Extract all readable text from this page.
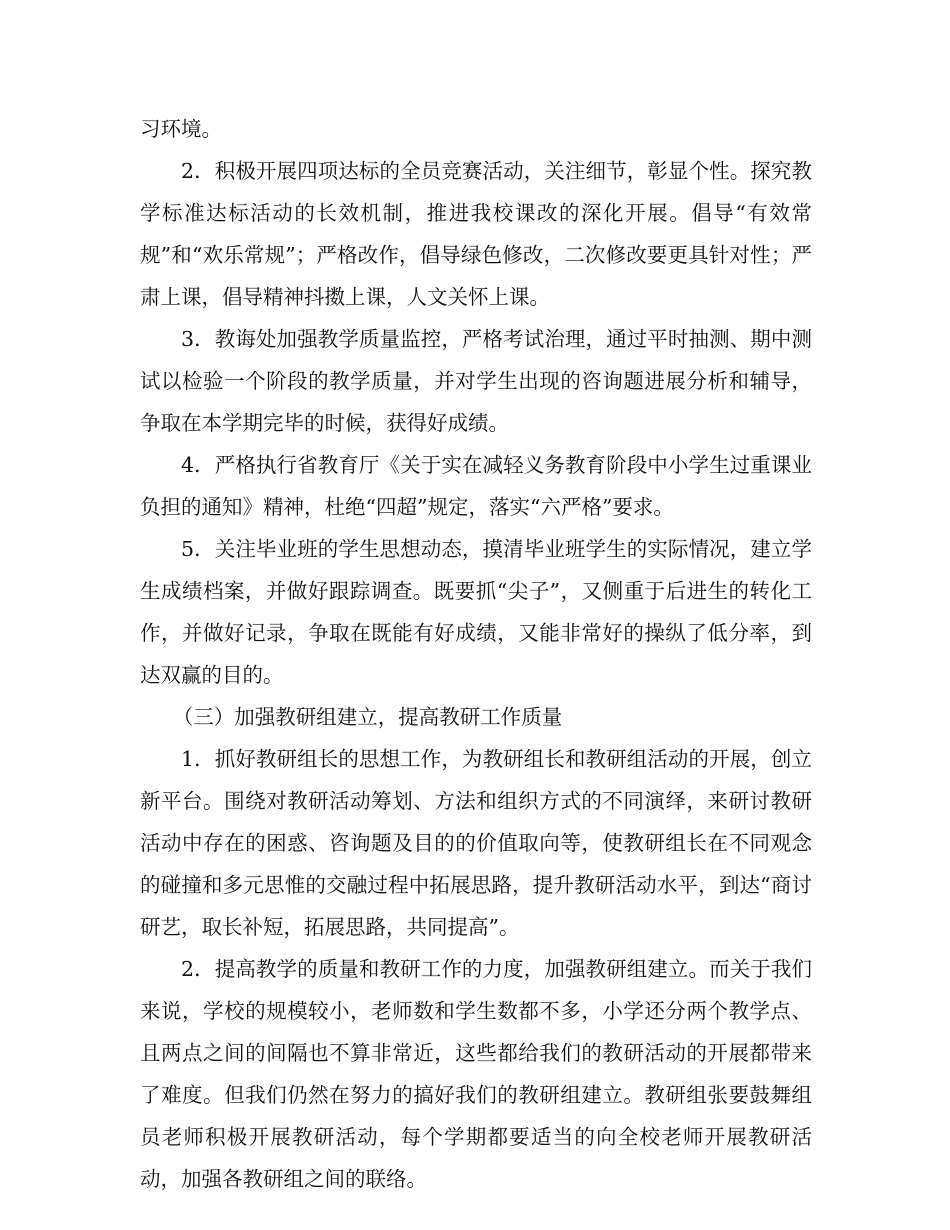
习环境。

2．积极开展四项达标的全员竞赛活动，关注细节，彰显个性。探究教学标准达标活动的长效机制，推进我校课改的深化开展。倡导“有效常规”和“欢乐常规”；严格改作，倡导绿色修改，二次修改要更具针对性；严肃上课，倡导精神抖擞上课，人文关怀上课。

3．教诲处加强教学质量监控，严格考试治理，通过平时抽测、期中测试以检验一个阶段的教学质量，并对学生出现的咨询题进展分析和辅导，争取在本学期完毕的时候，获得好成绩。

4．严格执行省教育厅《关于实在减轻义务教育阶段中小学生过重课业负担的通知》精神，杜绝“四超”规定，落实“六严格”要求。

5．关注毕业班的学生思想动态，摸清毕业班学生的实际情况，建立学生成绩档案，并做好跟踪调查。既要抓“尖子”，又侧重于后进生的转化工作，并做好记录，争取在既能有好成绩，又能非常好的操纵了低分率，到达双赢的目的。

（三）加强教研组建立，提高教研工作质量

1．抓好教研组长的思想工作，为教研组长和教研组活动的开展，创立新平台。围绕对教研活动筹划、方法和组织方式的不同演绎，来研讨教研活动中存在的困惑、咨询题及目的的价值取向等，使教研组长在不同观念的碰撞和多元思惟的交融过程中拓展思路，提升教研活动水平，到达“商讨研艺，取长补短，拓展思路，共同提高”。

2．提高教学的质量和教研工作的力度，加强教研组建立。而关于我们来说，学校的规模较小，老师数和学生数都不多，小学还分两个教学点、且两点之间的间隔也不算非常近，这些都给我们的教研活动的开展都带来了难度。但我们仍然在努力的搞好我们的教研组建立。教研组张要鼓舞组员老师积极开展教研活动，每个学期都要适当的向全校老师开展教研活动，加强各教研组之间的联络。
